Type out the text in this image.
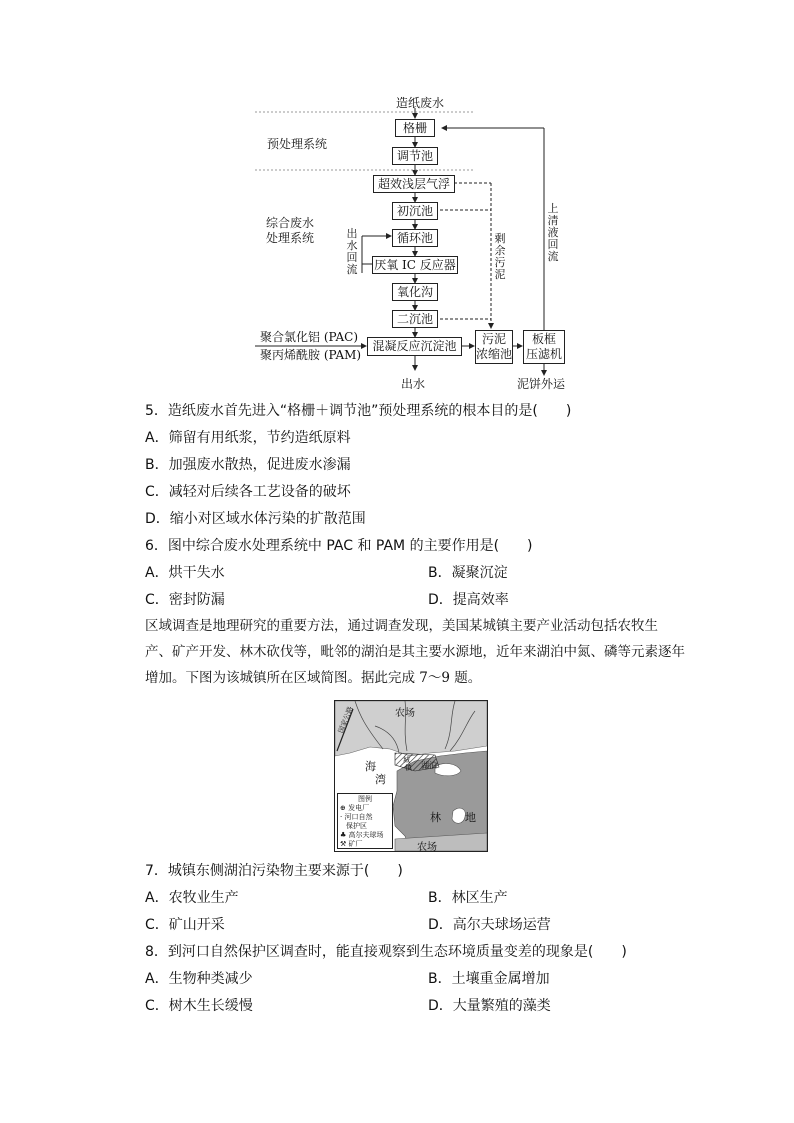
造纸废水
预处理系统
综合废水
处理系统
格栅
调节池
超效浅层气浮
初沉池
循环池
厌氧 IC 反应器
氧化沟
二沉池
混凝反应沉淀池	污泥
浓缩池
板框
压滤机
出水回流
剩余污泥
上清液回流
聚合氯化铝 (PAC)
聚丙烯酰胺 (PAM)
出水	泥饼外运
5．造纸废水首先进入“格栅＋调节池”预处理系统的根本目的是(　　)
A．筛留有用纸浆，节约造纸原料
B．加强废水散热，促进废水渗漏
C．减轻对后续各工艺设备的破坏
D．缩小对区域水体污染的扩散范围
6．图中综合废水处理系统中 PAC 和 PAM 的主要作用是(　　)
A．烘干失水	B．凝聚沉淀
C．密封防漏	D．提高效率
区域调查是地理研究的重要方法，通过调查发现，美国某城镇主要产业活动包括农牧生
产、矿产开发、林木砍伐等，毗邻的湖泊是其主要水源地，近年来湖泊中氮、磷等元素逐年
增加。下图为该城镇所在区域简图。据此完成 7～9 题。
农场
国家公路
海
湾
城
镇 湖泊
林 地
农场
图例
⊕ 发电厂
· 河口自然
保护区
♣ 高尔夫球场
⚒ 矿厂
7．城镇东侧湖泊污染物主要来源于(　　)
A．农牧业生产	B．林区生产
C．矿山开采	D．高尔夫球场运营
8．到河口自然保护区调查时，能直接观察到生态环境质量变差的现象是(　　)
A．生物种类减少	B．土壤重金属增加
C．树木生长缓慢	D．大量繁殖的藻类
